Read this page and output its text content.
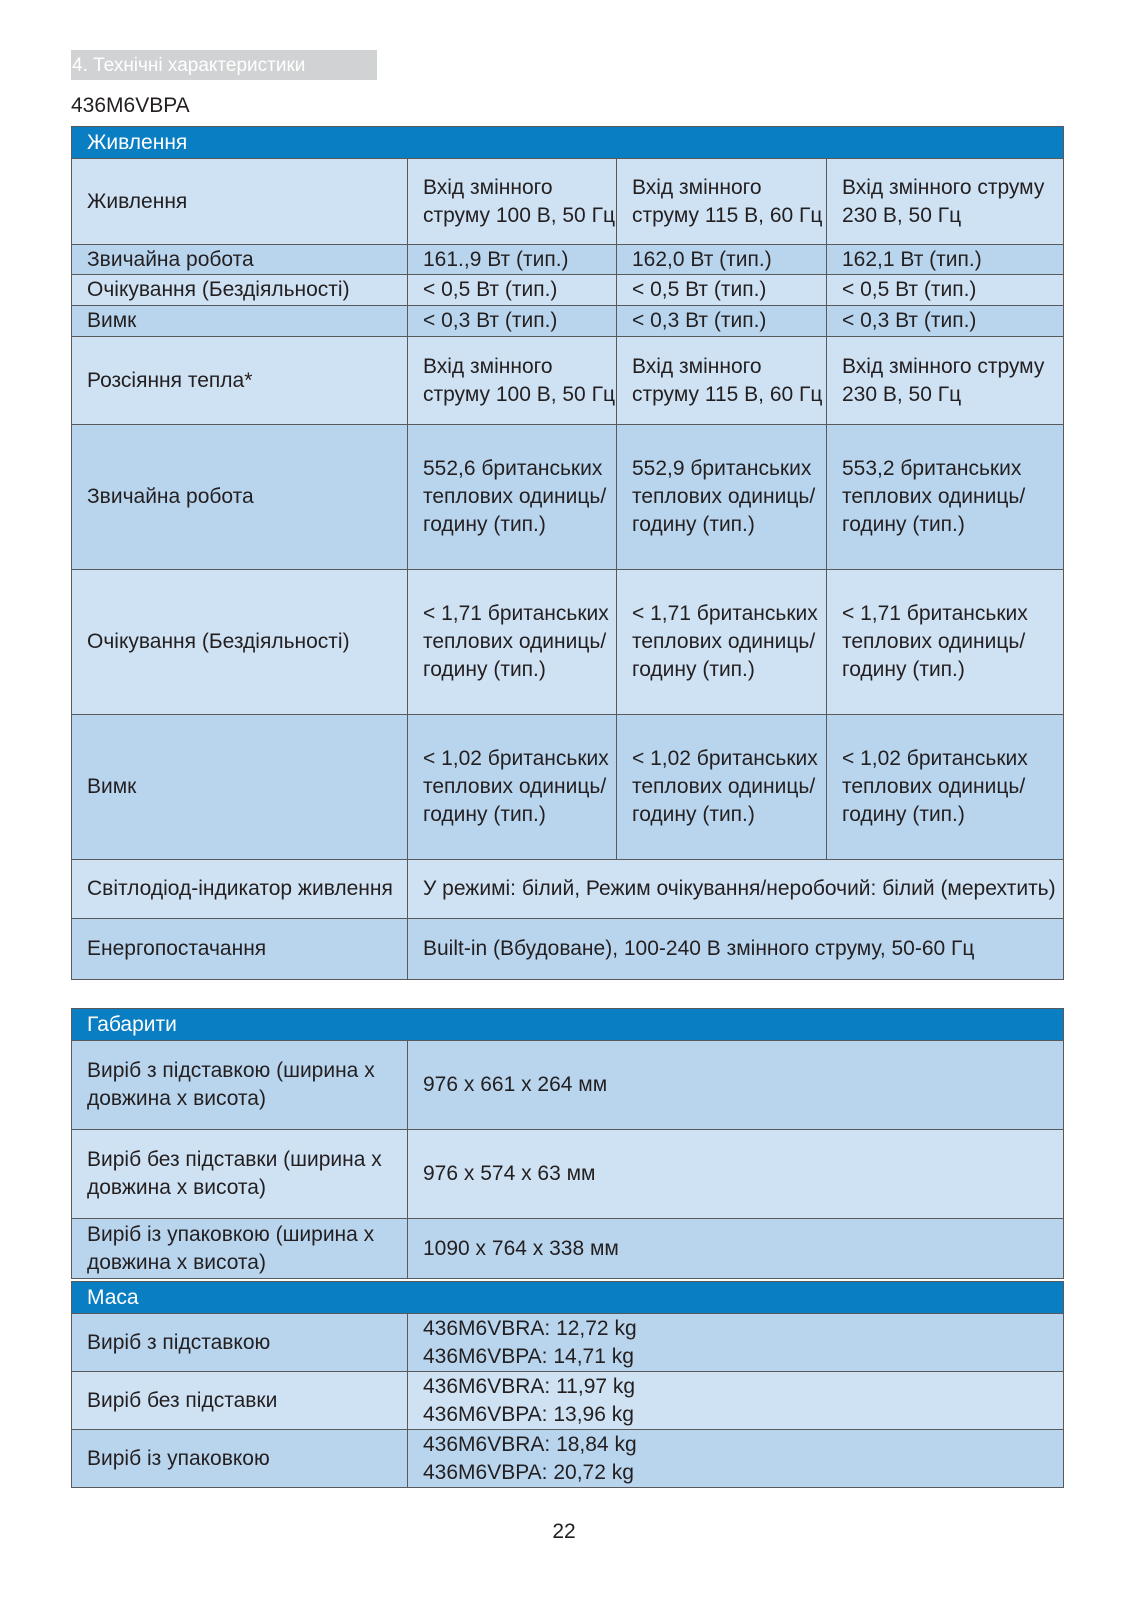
4. Технічні характеристики
436M6VBPA
Живлення			
Живлення	Вхід змінного струму 100 В, 50 Гц	Вхід змінного струму 115 В, 60 Гц	Вхід змінного струму 230 В, 50 Гц
Звичайна робота	161.,9 Вт (тип.)	162,0 Вт (тип.)	162,1 Вт (тип.)
Очікування (Бездіяльності)	< 0,5 Вт (тип.)	< 0,5 Вт (тип.)	< 0,5 Вт (тип.)
Вимк	< 0,3 Вт (тип.)	< 0,3 Вт (тип.)	< 0,3 Вт (тип.)
Розсіяння тепла*	Вхід змінного струму 100 В, 50 Гц	Вхід змінного струму 115 В, 60 Гц	Вхід змінного струму 230 В, 50 Гц
Звичайна робота	552,6 британських теплових одиниць/годину (тип.)	552,9 британських теплових одиниць/годину (тип.)	553,2 британських теплових одиниць/годину (тип.)
Очікування (Бездіяльності)	< 1,71 британських теплових одиниць/годину (тип.)	< 1,71 британських теплових одиниць/годину (тип.)	< 1,71 британських теплових одиниць/годину (тип.)
Вимк	< 1,02 британських теплових одиниць/годину (тип.)	< 1,02 британських теплових одиниць/годину (тип.)	< 1,02 британських теплових одиниць/годину (тип.)
Світлодіод-індикатор живлення	У режимі: білий, Режим очікування/неробочий: білий (мерехтить)		
Енергопостачання	Built-in (Вбудоване), 100-240 В змінного струму, 50-60 Гц		
Габарити	
Виріб з підставкою (ширина x довжина x висота)	976 x 661 x 264 мм
Виріб без підставки (ширина x довжина x висота)	976 x 574 x 63 мм
Виріб із упаковкою (ширина x довжина x висота)	1090 x 764 x 338 мм
Маса	
Виріб з підставкою	436M6VBRA: 12,72 kg
436M6VBPA: 14,71 kg

Виріб без підставки	436M6VBRA: 11,97 kg
436M6VBPA: 13,96 kg

Виріб із упаковкою	436M6VBRA: 18,84 kg
436M6VBPA: 20,72 kg
22
